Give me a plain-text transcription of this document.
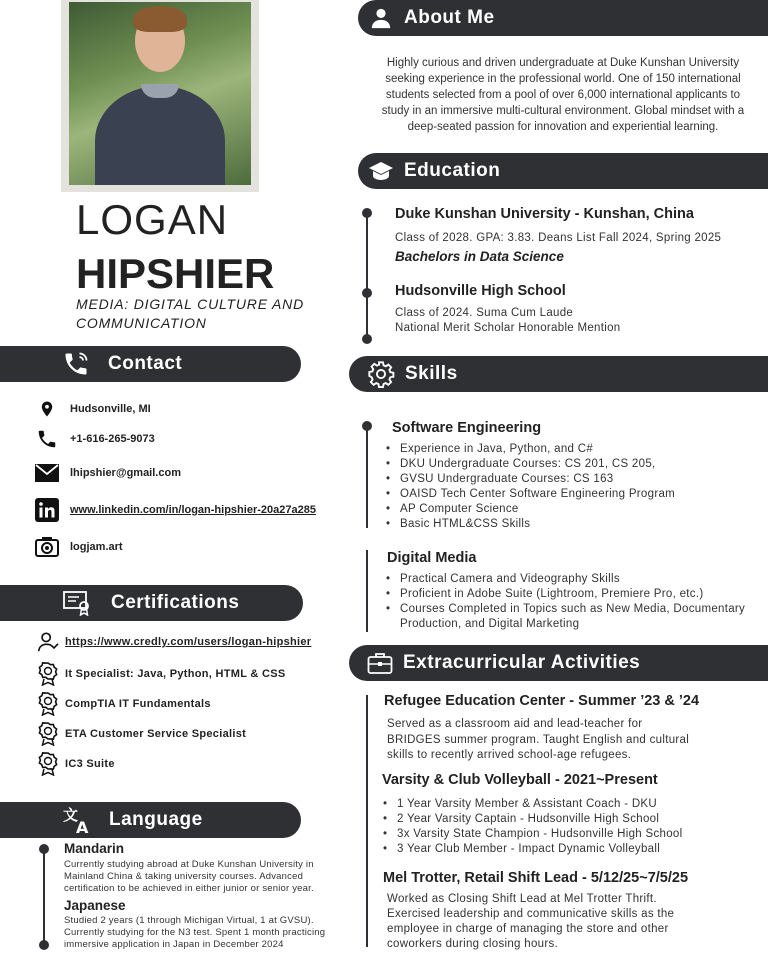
LOGAN
HIPSHIER
MEDIA: DIGITAL CULTURE AND COMMUNICATION
Contact
Hudsonville, MI
+1-616-265-9073
lhipshier@gmail.com
www.linkedin.com/in/logan-hipshier-20a27a285
logjam.art
Certifications
https://www.credly.com/users/logan-hipshier
It Specialist: Java, Python, HTML & CSS
CompTIA IT Fundamentals
ETA Customer Service Specialist
IC3 Suite
文
A Language
Mandarin
Currently studying abroad at Duke Kunshan University in Mainland China & taking university courses. Advanced certification to be achieved in either junior or senior year.
Japanese
Studied 2 years (1 through Michigan Virtual, 1 at GVSU). Currently studying for the N3 test. Spent 1 month practicing immersive application in Japan in December 2024
About Me
Highly curious and driven undergraduate at Duke Kunshan University seeking experience in the professional world. One of 150 international students selected from a pool of over 6,000 international applicants to study in an immersive multi-cultural environment. Global mindset with a deep-seated passion for innovation and experiential learning.
Education
Duke Kunshan University - Kunshan, China
Class of 2028. GPA: 3.83. Deans List Fall 2024, Spring 2025
Bachelors in Data Science
Hudsonville High School
Class of 2024. Suma Cum Laude
National Merit Scholar Honorable Mention
Skills
Software Engineering
• Experience in Java, Python, and C#
• DKU Undergraduate Courses: CS 201, CS 205,
• GVSU Undergraduate Courses: CS 163
• OAISD Tech Center Software Engineering Program
• AP Computer Science
• Basic HTML&CSS Skills
Digital Media
• Practical Camera and Videography Skills
• Proficient in Adobe Suite (Lightroom, Premiere Pro, etc.)
• Courses Completed in Topics such as New Media, Documentary Production, and Digital Marketing
Extracurricular Activities
Refugee Education Center - Summer ’23 & ’24
Served as a classroom aid and lead-teacher for BRIDGES summer program. Taught English and cultural skills to recently arrived school-age refugees.
Varsity & Club Volleyball - 2021~Present
• 1 Year Varsity Member & Assistant Coach - DKU
• 2 Year Varsity Captain - Hudsonville High School
• 3x Varsity State Champion - Hudsonville High School
• 3 Year Club Member - Impact Dynamic Volleyball
Mel Trotter, Retail Shift Lead - 5/12/25~7/5/25
Worked as Closing Shift Lead at Mel Trotter Thrift. Exercised leadership and communicative skills as the employee in charge of managing the store and other coworkers during closing hours.
